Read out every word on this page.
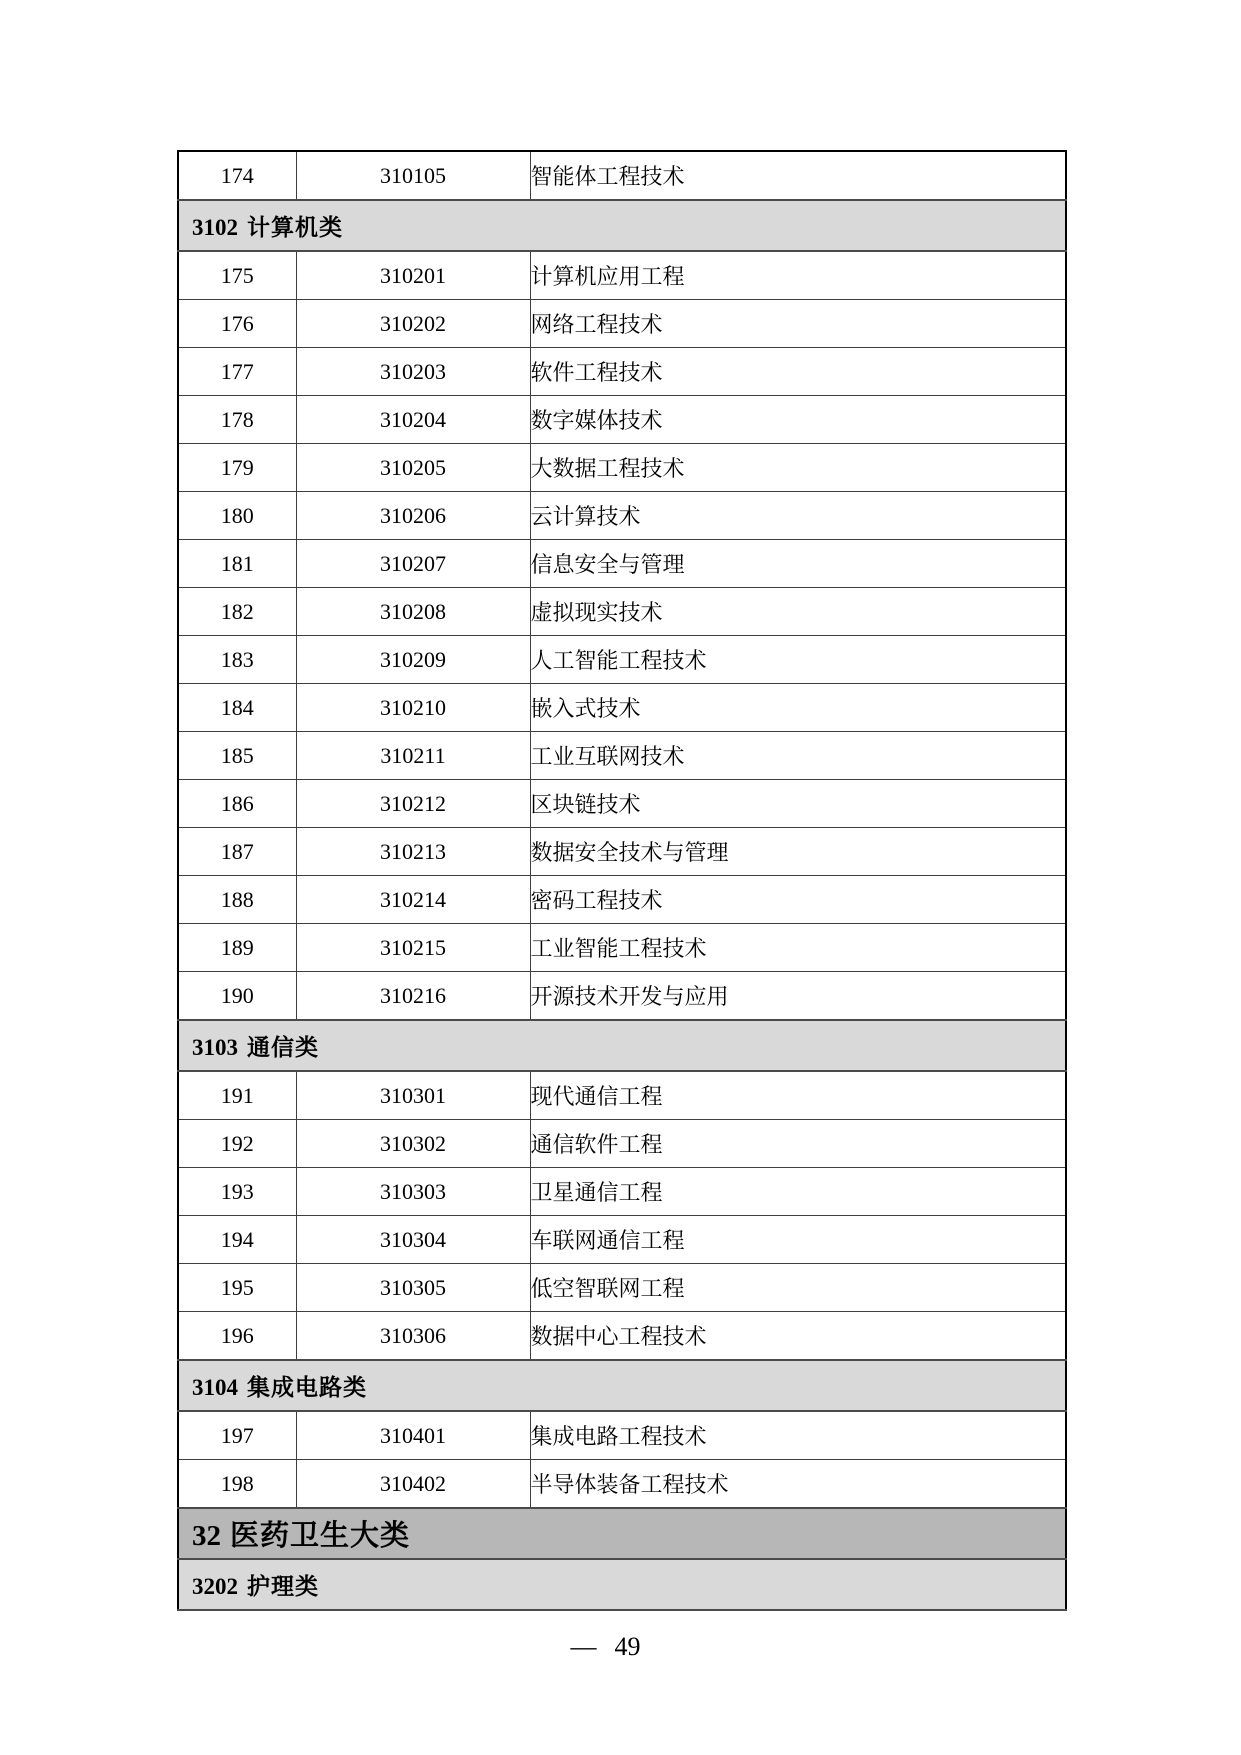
174	310105	智能体工程技术
3102 计算机类		
175	310201	计算机应用工程
176	310202	网络工程技术
177	310203	软件工程技术
178	310204	数字媒体技术
179	310205	大数据工程技术
180	310206	云计算技术
181	310207	信息安全与管理
182	310208	虚拟现实技术
183	310209	人工智能工程技术
184	310210	嵌入式技术
185	310211	工业互联网技术
186	310212	区块链技术
187	310213	数据安全技术与管理
188	310214	密码工程技术
189	310215	工业智能工程技术
190	310216	开源技术开发与应用
3103 通信类		
191	310301	现代通信工程
192	310302	通信软件工程
193	310303	卫星通信工程
194	310304	车联网通信工程
195	310305	低空智联网工程
196	310306	数据中心工程技术
3104 集成电路类		
197	310401	集成电路工程技术
198	310402	半导体装备工程技术
32 医药卫生大类		
3202 护理类		
— 49
